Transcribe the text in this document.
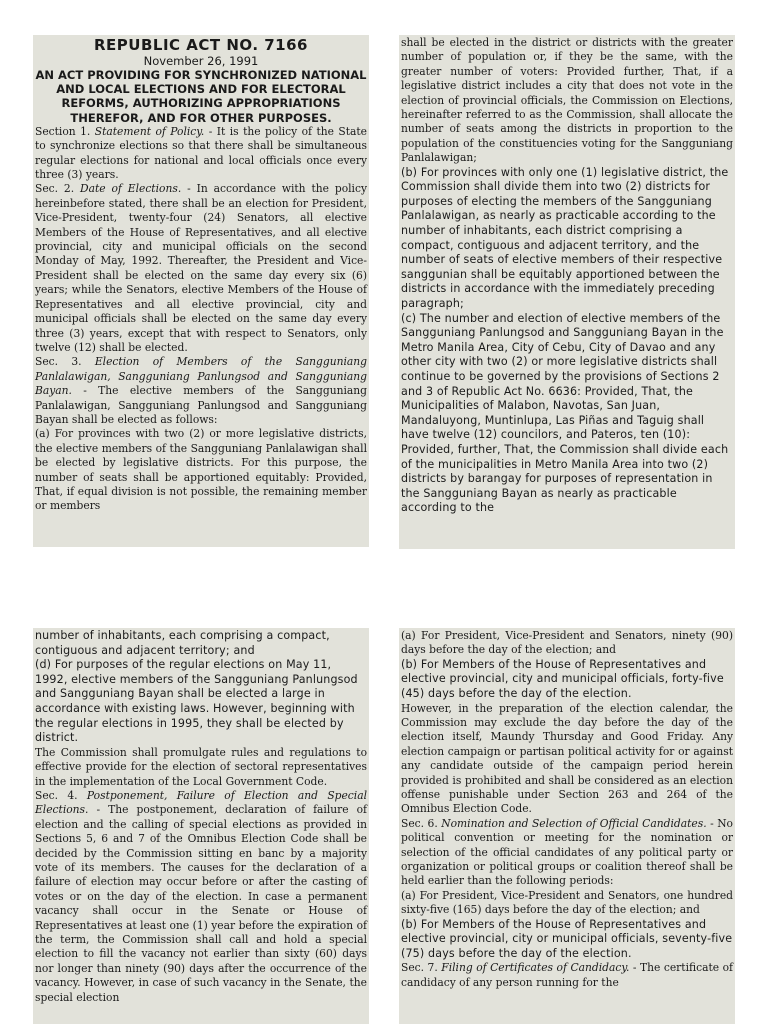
REPUBLIC ACT NO. 7166
November 26, 1991
AN ACT PROVIDING FOR SYNCHRONIZED NATIONAL AND LOCAL ELECTIONS AND FOR ELECTORAL REFORMS, AUTHORIZING APPROPRIATIONS THEREFOR, AND FOR OTHER PURPOSES.

Section 1. Statement of Policy. - It is the policy of the State to synchronize elections so that there shall be simultaneous regular elections for national and local officials once every three (3) years.

Sec. 2. Date of Elections. - In accordance with the policy hereinbefore stated, there shall be an election for President, Vice-President, twenty-four (24) Senators, all elective Members of the House of Representatives, and all elective provincial, city and municipal officials on the second Monday of May, 1992. Thereafter, the President and Vice-President shall be elected on the same day every six (6) years; while the Senators, elective Members of the House of Representatives and all elective provincial, city and municipal officials shall be elected on the same day every three (3) years, except that with respect to Senators, only twelve (12) shall be elected.

Sec. 3. Election of Members of the Sangguniang Panlalawigan, Sangguniang Panlungsod and Sangguniang Bayan. - The elective members of the Sangguniang Panlalawigan, Sangguniang Panlungsod and Sangguniang Bayan shall be elected as follows:

(a) For provinces with two (2) or more legislative districts, the elective members of the Sangguniang Panlalawigan shall be elected by legislative districts. For this purpose, the number of seats shall be apportioned equitably: Provided, That, if equal division is not possible, the remaining member or members

shall be elected in the district or districts with the greater number of population or, if they be the same, with the greater number of voters: Provided further, That, if a legislative district includes a city that does not vote in the election of provincial officials, the Commission on Elections, hereinafter referred to as the Commission, shall allocate the number of seats among the districts in proportion to the population of the constituencies voting for the Sangguniang Panlalawigan;

(b) For provinces with only one (1) legislative district, the Commission shall divide them into two (2) districts for purposes of electing the members of the Sangguniang Panlalawigan, as nearly as practicable according to the number of inhabitants, each district comprising a compact, contiguous and adjacent territory, and the number of seats of elective members of their respective sanggunian shall be equitably apportioned between the districts in accordance with the immediately preceding paragraph;

(c) The number and election of elective members of the Sangguniang Panlungsod and Sangguniang Bayan in the Metro Manila Area, City of Cebu, City of Davao and any other city with two (2) or more legislative districts shall continue to be governed by the provisions of Sections 2 and 3 of Republic Act No. 6636: Provided, That, the Municipalities of Malabon, Navotas, San Juan, Mandaluyong, Muntinlupa, Las Piñas and Taguig shall have twelve (12) councilors, and Pateros, ten (10): Provided, further, That, the Commission shall divide each of the municipalities in Metro Manila Area into two (2) districts by barangay for purposes of representation in the Sangguniang Bayan as nearly as practicable according to the

number of inhabitants, each comprising a compact, contiguous and adjacent territory; and

(d) For purposes of the regular elections on May 11, 1992, elective members of the Sangguniang Panlungsod and Sangguniang Bayan shall be elected a large in accordance with existing laws. However, beginning with the regular elections in 1995, they shall be elected by district.

The Commission shall promulgate rules and regulations to effective provide for the election of sectoral representatives in the implementation of the Local Government Code.

Sec. 4. Postponement, Failure of Election and Special Elections. - The postponement, declaration of failure of election and the calling of special elections as provided in Sections 5, 6 and 7 of the Omnibus Election Code shall be decided by the Commission sitting en banc by a majority vote of its members. The causes for the declaration of a failure of election may occur before or after the casting of votes or on the day of the election. In case a permanent vacancy shall occur in the Senate or House of Representatives at least one (1) year before the expiration of the term, the Commission shall call and hold a special election to fill the vacancy not earlier than sixty (60) days nor longer than ninety (90) days after the occurrence of the vacancy. However, in case of such vacancy in the Senate, the special election

(a) For President, Vice-President and Senators, ninety (90) days before the day of the election; and

(b) For Members of the House of Representatives and elective provincial, city and municipal officials, forty-five (45) days before the day of the election.

However, in the preparation of the election calendar, the Commission may exclude the day before the day of the election itself, Maundy Thursday and Good Friday. Any election campaign or partisan political activity for or against any candidate outside of the campaign period herein provided is prohibited and shall be considered as an election offense punishable under Section 263 and 264 of the Omnibus Election Code.

Sec. 6. Nomination and Selection of Official Candidates. - No political convention or meeting for the nomination or selection of the official candidates of any political party or organization or political groups or coalition thereof shall be held earlier than the following periods:

(a) For President, Vice-President and Senators, one hundred sixty-five (165) days before the day of the election; and

(b) For Members of the House of Representatives and elective provincial, city or municipal officials, seventy-five (75) days before the day of the election.

Sec. 7. Filing of Certificates of Candidacy. - The certificate of candidacy of any person running for the
